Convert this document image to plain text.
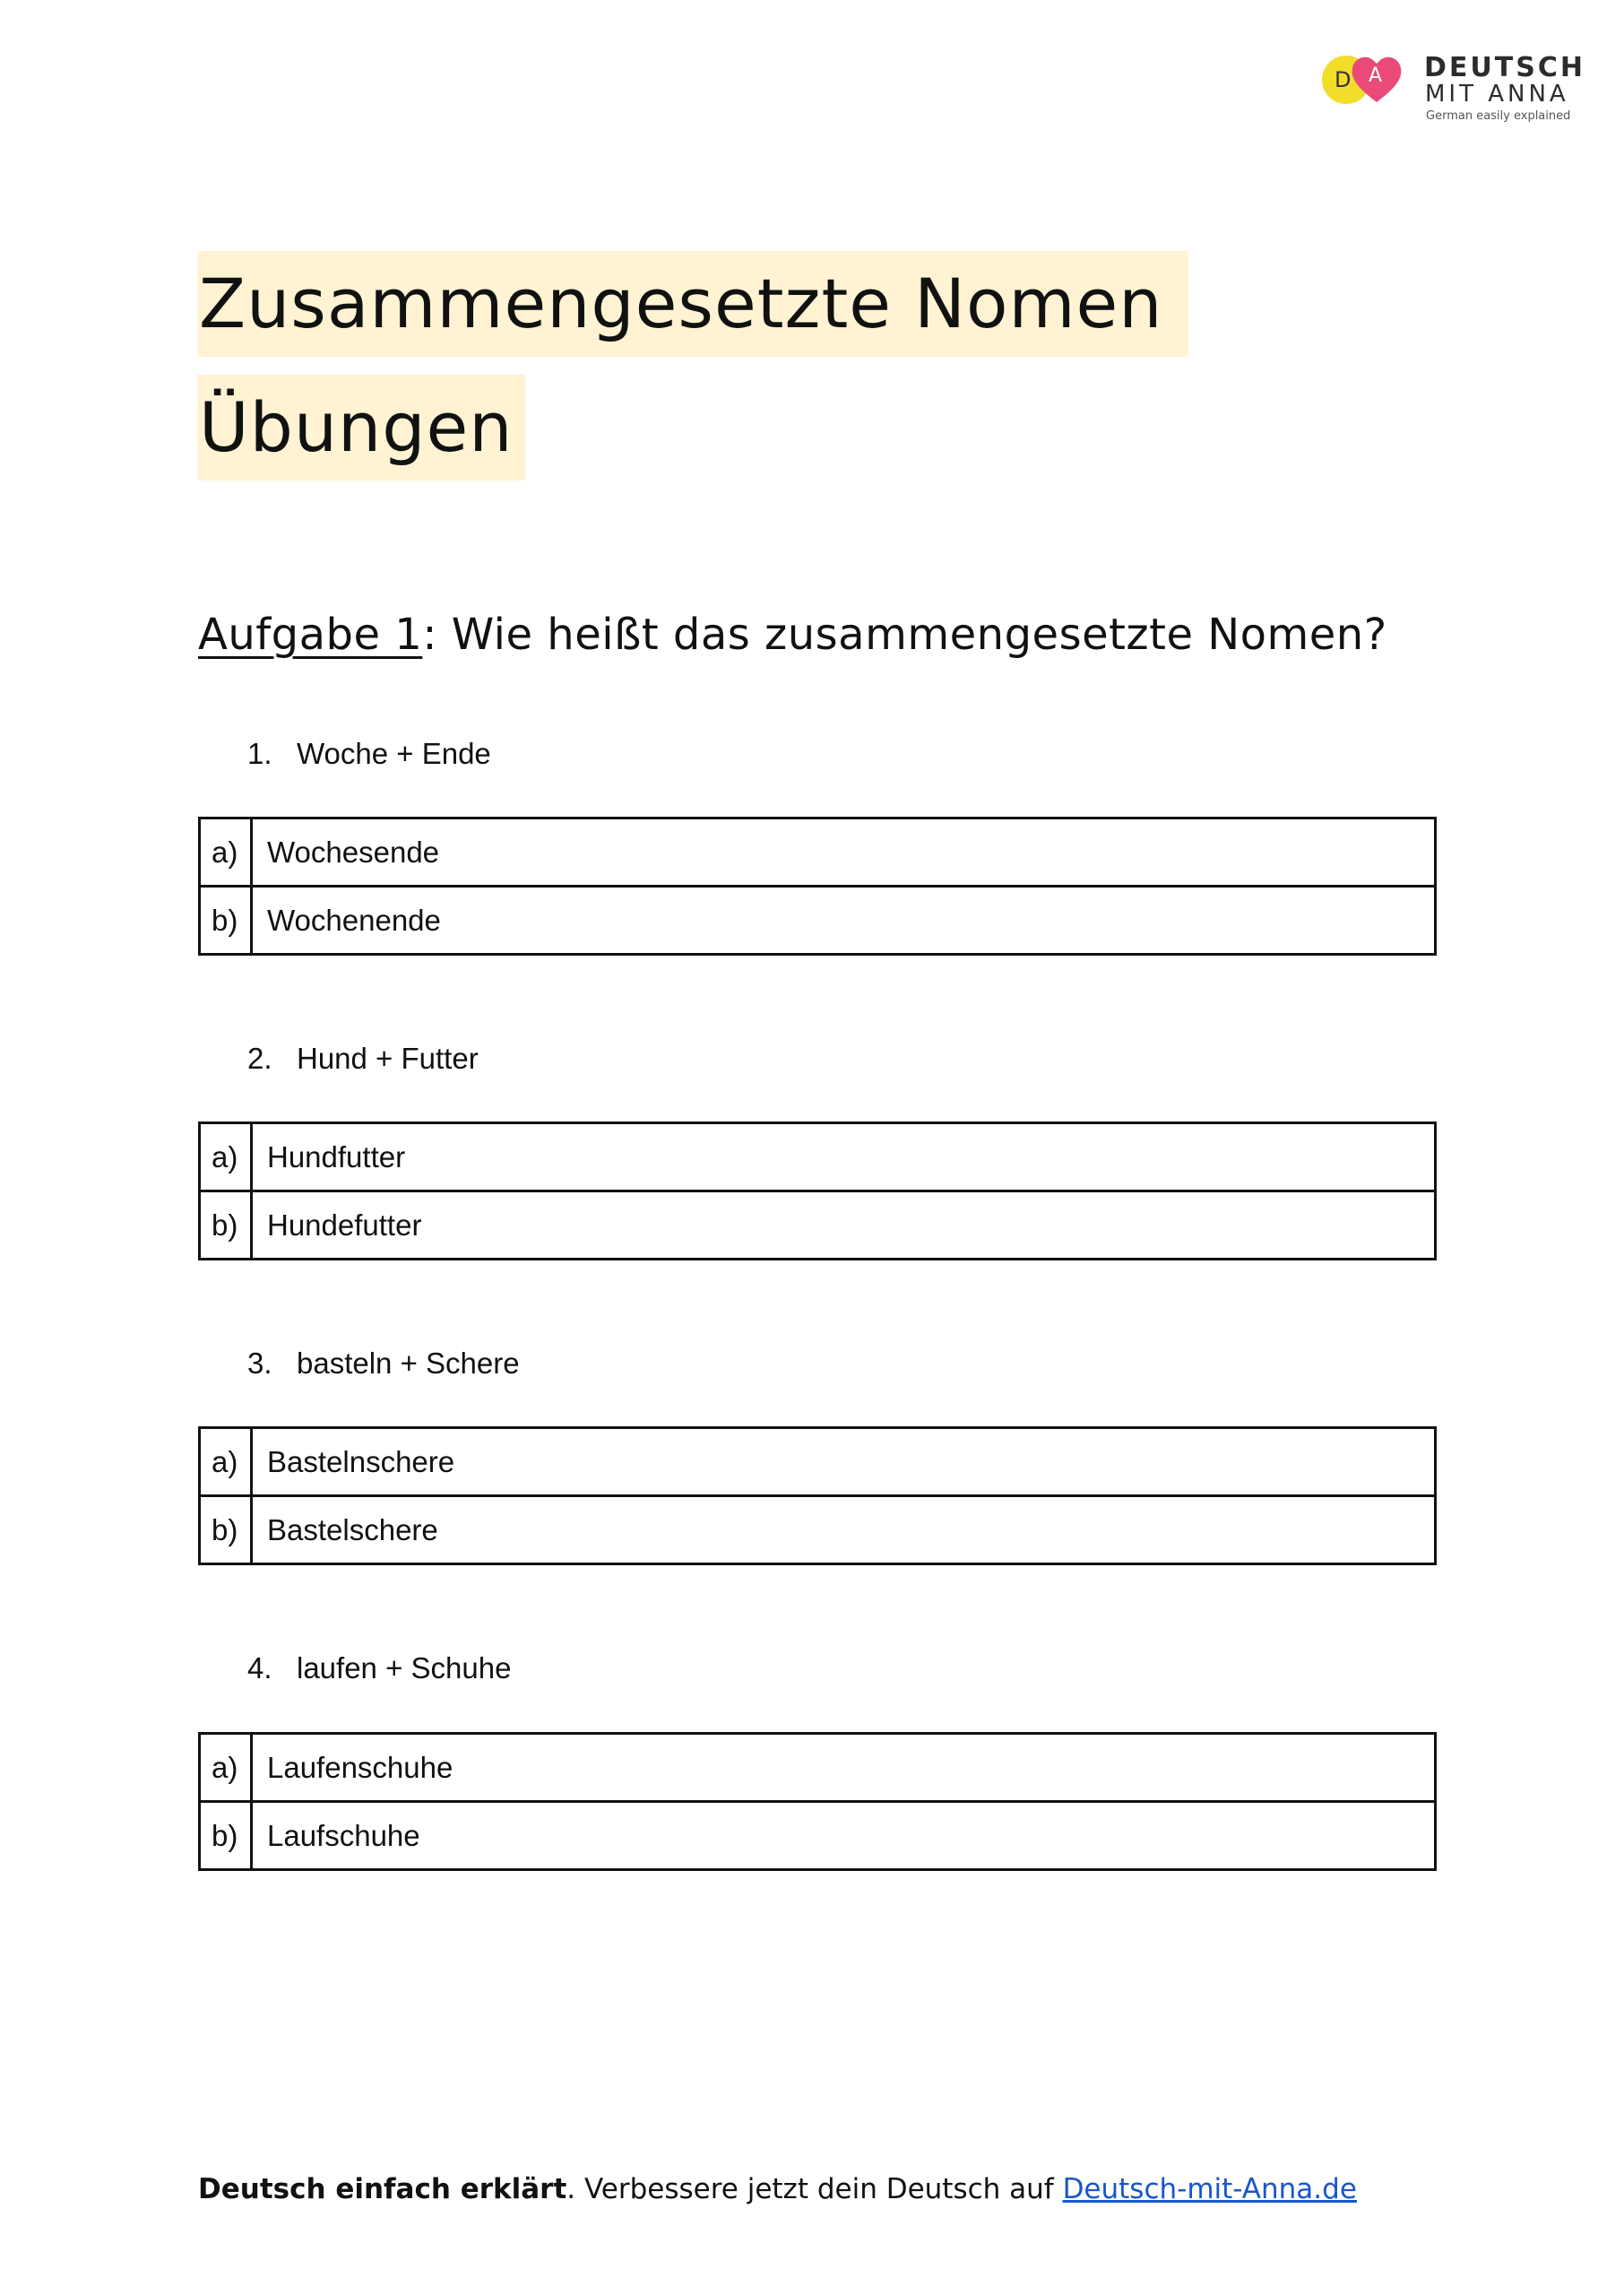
D A DEUTSCH
MIT ANNA
German easily explained
Zusammengesetzte Nomen
Übungen
Aufgabe 1: Wie heißt das zusammengesetzte Nomen?
1. Woche + Ende
a)	Wochesende
b)	Wochenende
2. Hund + Futter
a)	Hundfutter
b)	Hundefutter
3. basteln + Schere
a)	Bastelnschere
b)	Bastelschere
4. laufen + Schuhe
a)	Laufenschuhe
b)	Laufschuhe
Deutsch einfach erklärt. Verbessere jetzt dein Deutsch auf Deutsch-mit-Anna.de
